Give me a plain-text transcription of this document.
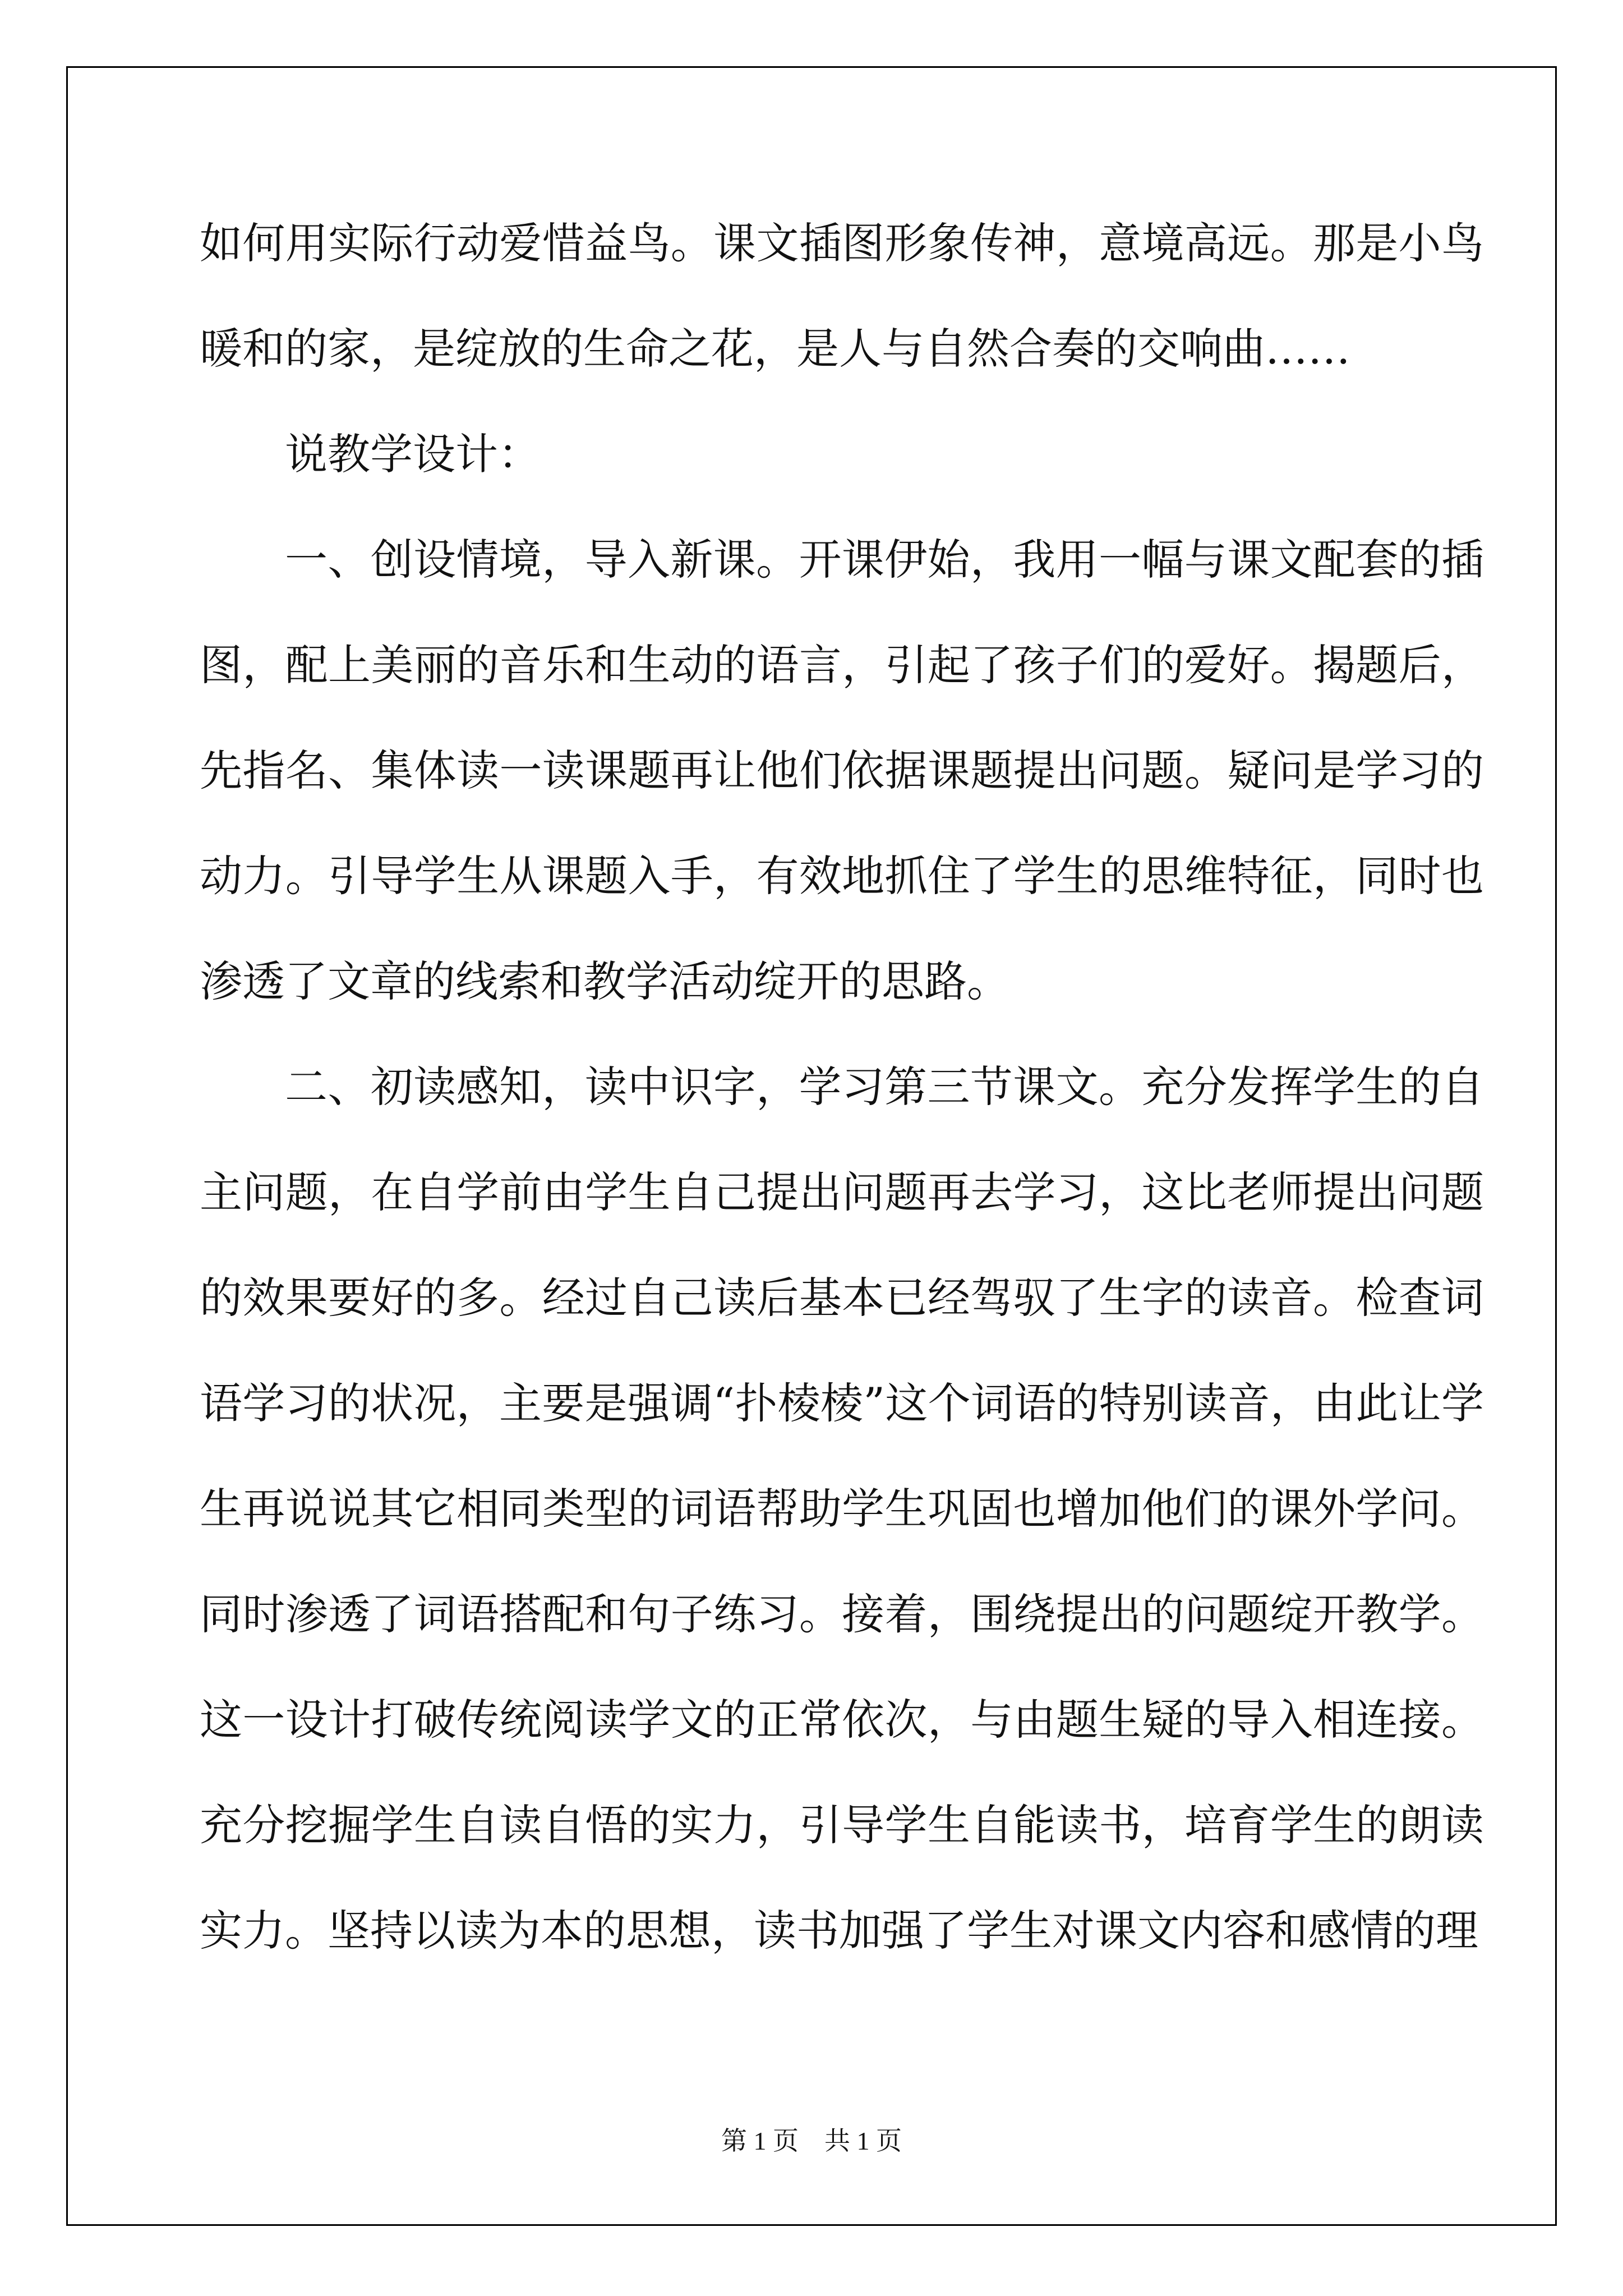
如何用实际行动爱惜益鸟。课文插图形象传神，意境高远。那是小鸟暖和的家，是绽放的生命之花，是人与自然合奏的交响曲……

说教学设计：

一、创设情境，导入新课。开课伊始，我用一幅与课文配套的插图，配上美丽的音乐和生动的语言，引起了孩子们的爱好。揭题后，先指名、集体读一读课题再让他们依据课题提出问题。疑问是学习的动力。引导学生从课题入手，有效地抓住了学生的思维特征，同时也渗透了文章的线索和教学活动绽开的思路。

二、初读感知，读中识字，学习第三节课文。充分发挥学生的自主问题，在自学前由学生自己提出问题再去学习，这比老师提出问题的效果要好的多。经过自己读后基本已经驾驭了生字的读音。检查词语学习的状况，主要是强调“扑棱棱”这个词语的特别读音，由此让学生再说说其它相同类型的词语帮助学生巩固也增加他们的课外学问。同时渗透了词语搭配和句子练习。接着，围绕提出的问题绽开教学。这一设计打破传统阅读学文的正常依次，与由题生疑的导入相连接。充分挖掘学生自读自悟的实力，引导学生自能读书，培育学生的朗读实力。坚持以读为本的思想，读书加强了学生对课文内容和感情的理

第 1 页    共 1 页
